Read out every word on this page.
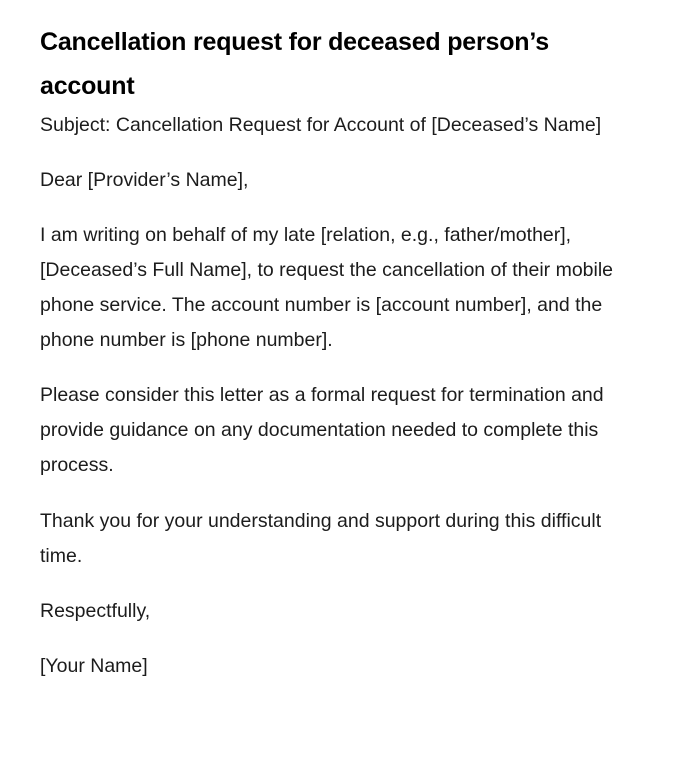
Cancellation request for deceased person’s account

Subject: Cancellation Request for Account of [Deceased’s Name]

Dear [Provider’s Name],

I am writing on behalf of my late [relation, e.g., father/mother], [Deceased’s Full Name], to request the cancellation of their mobile phone service. The account number is [account number], and the phone number is [phone number].

Please consider this letter as a formal request for termination and provide guidance on any documentation needed to complete this process.

Thank you for your understanding and support during this difficult time.

Respectfully,

[Your Name]
